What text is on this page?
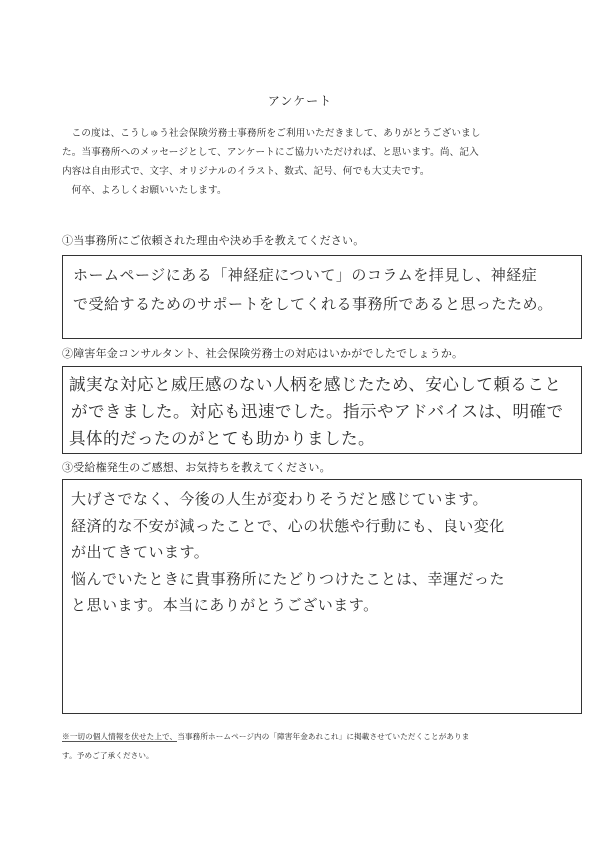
アンケート

この度は、こうしゅう社会保険労務士事務所をご利用いただきまして、ありがとうございまし

た。当事務所へのメッセージとして、アンケートにご協力いただければ、と思います。尚、記入

内容は自由形式で、文字、オリジナルのイラスト、数式、記号、何でも大丈夫です。

何卒、よろしくお願いいたします。

①当事務所にご依頼された理由や決め手を教えてください。
ホームページにある「神経症について」のコラムを拝見し、神経症
で受給するためのサポートをしてくれる事務所であると思ったため。
②障害年金コンサルタント、社会保険労務士の対応はいかがでしたでしょうか。
誠実な対応と威圧感のない人柄を感じたため、安心して頼ること
ができました。対応も迅速でした。指示やアドバイスは、明確で
具体的だったのがとても助かりました。
③受給権発生のご感想、お気持ちを教えてください。
大げさでなく、今後の人生が変わりそうだと感じています。
経済的な不安が減ったことで、心の状態や行動にも、良い変化
が出てきています。
悩んでいたときに貴事務所にたどりつけたことは、幸運だった
と思います。本当にありがとうございます。

※一切の個人情報を伏せた上で、当事務所ホームページ内の「障害年金あれこれ」に掲載させていただくことがありま

す。予めご了承ください。
